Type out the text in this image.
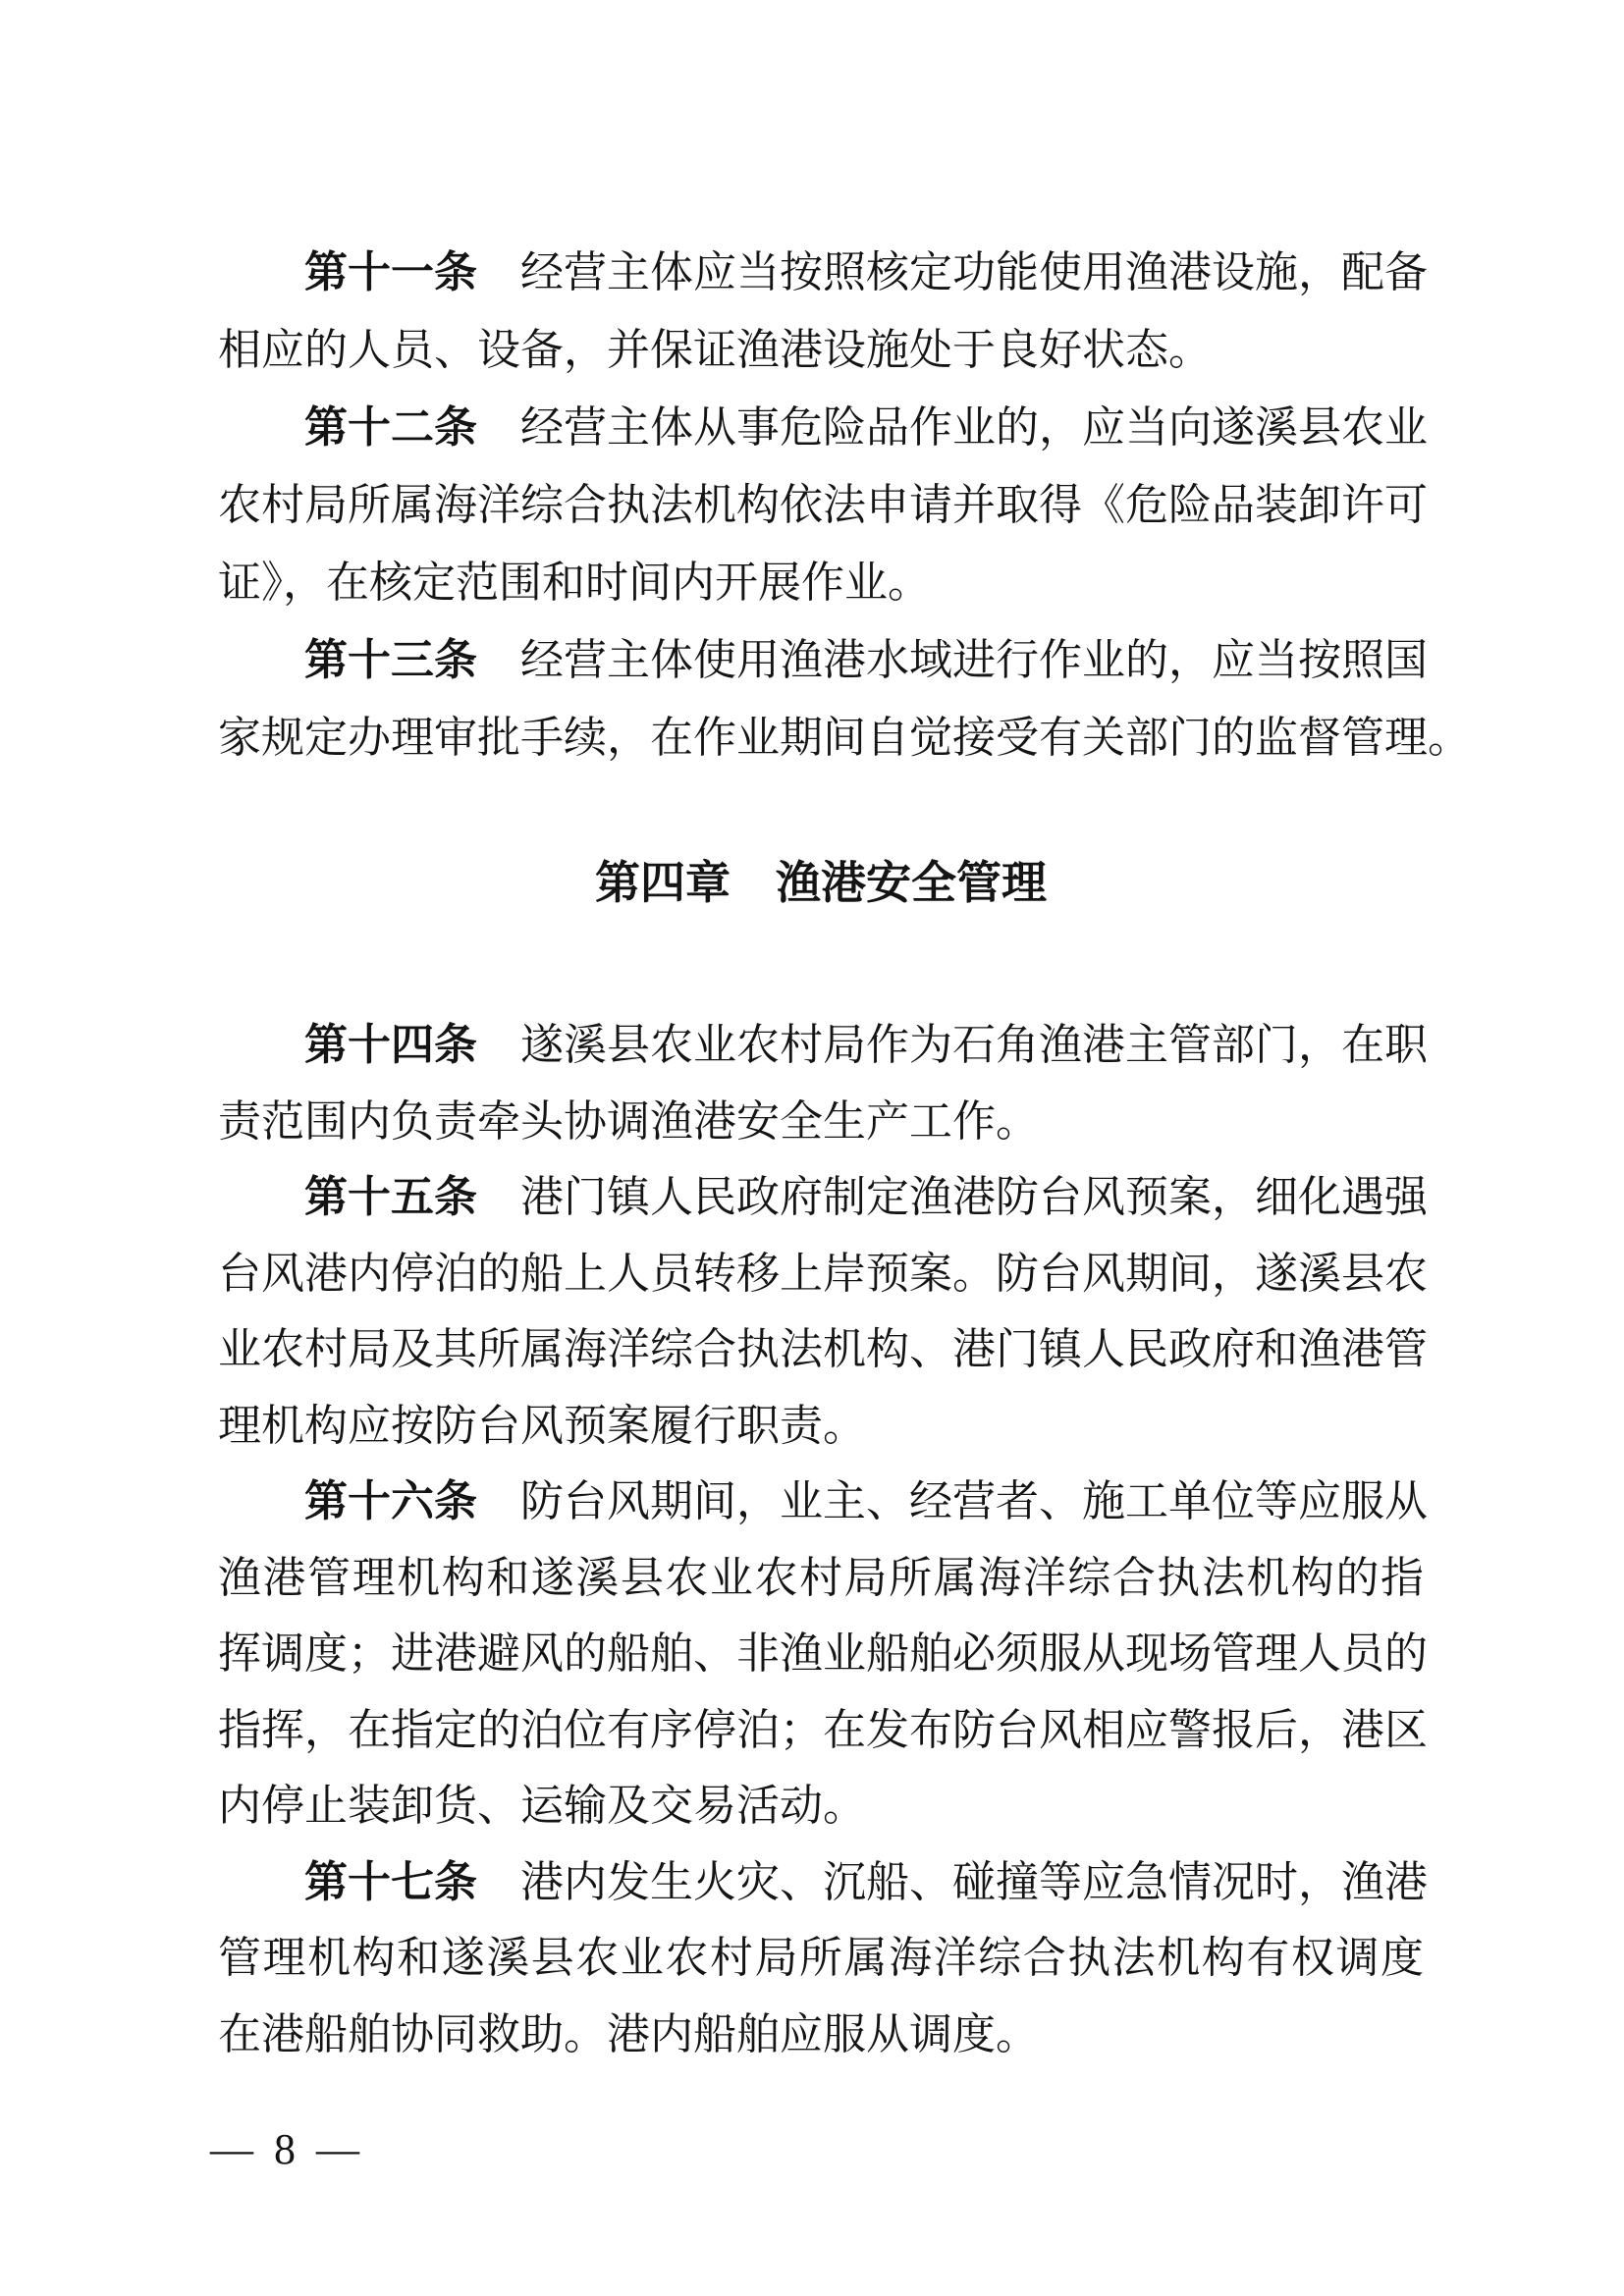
第十一条 经营主体应当按照核定功能使用渔港设施，配备
相应的人员、设备，并保证渔港设施处于良好状态。
第十二条 经营主体从事危险品作业的，应当向遂溪县农业
农村局所属海洋综合执法机构依法申请并取得《危险品装卸许可
证》，在核定范围和时间内开展作业。
第十三条 经营主体使用渔港水域进行作业的，应当按照国
家规定办理审批手续，在作业期间自觉接受有关部门的监督管理。
第四章 渔港安全管理
第十四条 遂溪县农业农村局作为石角渔港主管部门，在职
责范围内负责牵头协调渔港安全生产工作。
第十五条 港门镇人民政府制定渔港防台风预案，细化遇强
台风港内停泊的船上人员转移上岸预案。防台风期间，遂溪县农
业农村局及其所属海洋综合执法机构、港门镇人民政府和渔港管
理机构应按防台风预案履行职责。
第十六条 防台风期间，业主、经营者、施工单位等应服从
渔港管理机构和遂溪县农业农村局所属海洋综合执法机构的指
挥调度；进港避风的船舶、非渔业船舶必须服从现场管理人员的
指挥，在指定的泊位有序停泊；在发布防台风相应警报后，港区
内停止装卸货、运输及交易活动。
第十七条 港内发生火灾、沉船、碰撞等应急情况时，渔港
管理机构和遂溪县农业农村局所属海洋综合执法机构有权调度
在港船舶协同救助。港内船舶应服从调度。
— 8 —
